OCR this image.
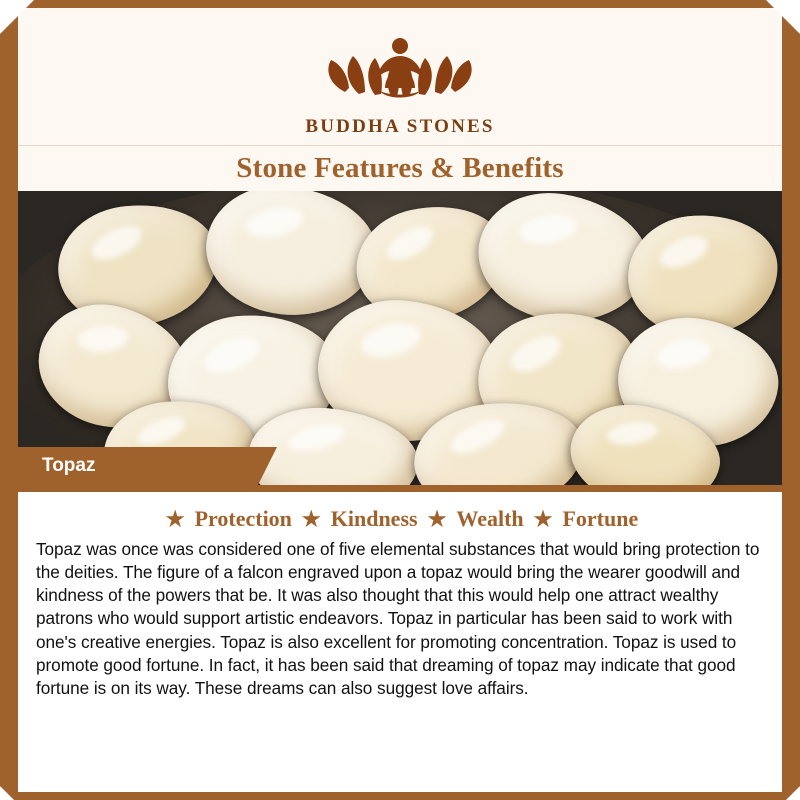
BUDDHA STONES
Stone Features & Benefits
Topaz
★ Protection ★ Kindness ★ Wealth ★ Fortune

Topaz was once was considered one of five elemental substances that would bring protection to the deities. The figure of a falcon engraved upon a topaz would bring the wearer goodwill and kindness of the powers that be. It was also thought that this would help one attract wealthy patrons who would support artistic endeavors. Topaz in particular has been said to work with one's creative energies. Topaz is also excellent for promoting concentration. Topaz is used to promote good fortune. In fact, it has been said that dreaming of topaz may indicate that good fortune is on its way. These dreams can also suggest love affairs.
